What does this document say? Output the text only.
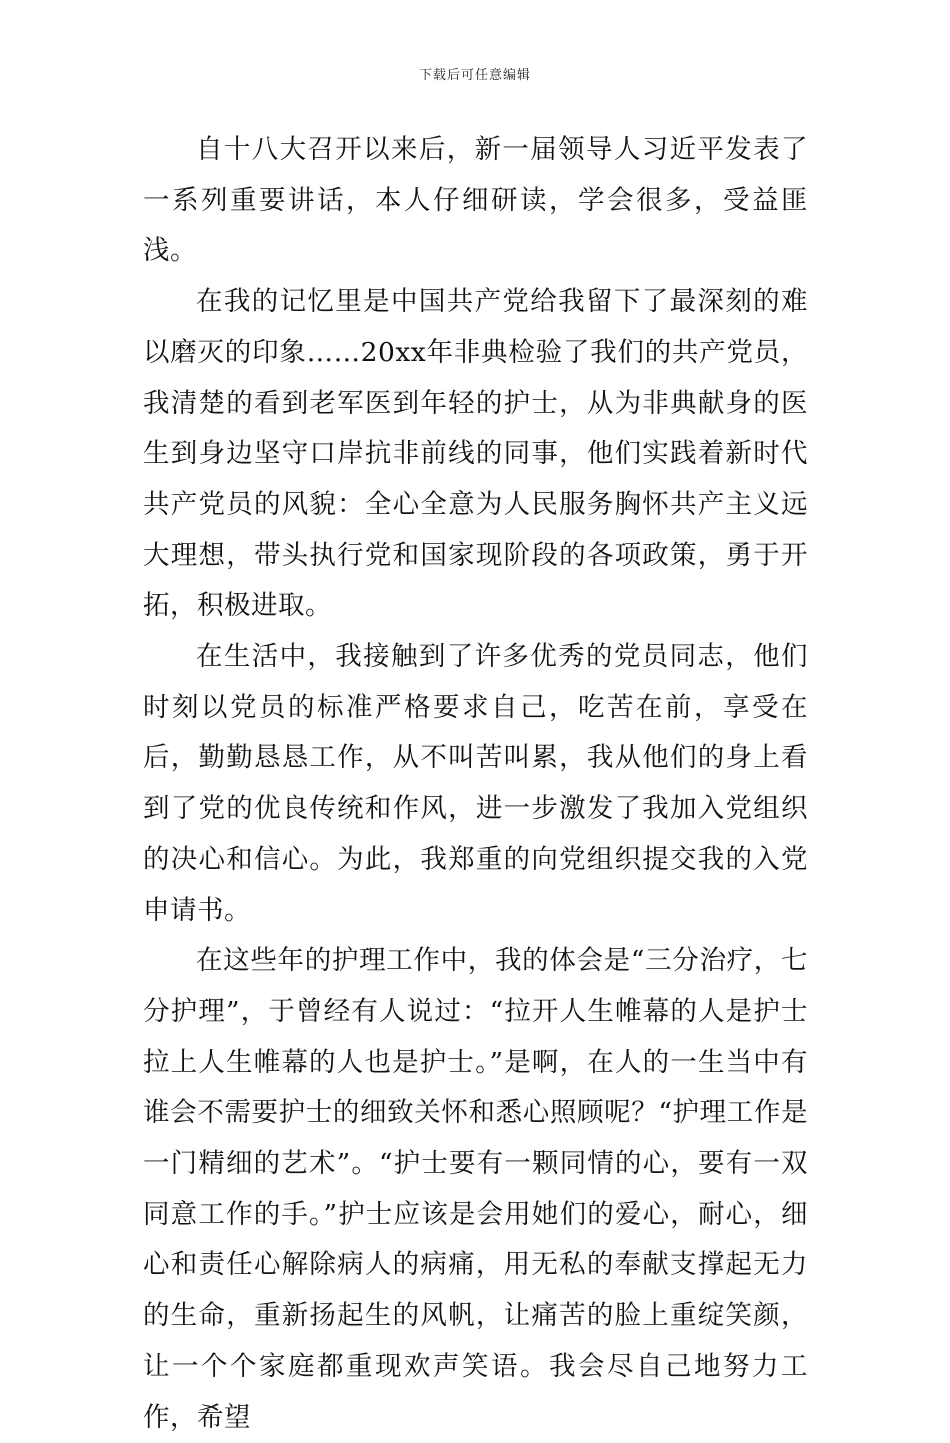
下载后可任意编辑

自十八大召开以来后，新一届领导人习近平发表了一系列重要讲话，本人仔细研读，学会很多，受益匪浅。

在我的记忆里是中国共产党给我留下了最深刻的难以磨灭的印象……20xx年非典检验了我们的共产党员，我清楚的看到老军医到年轻的护士，从为非典献身的医生到身边坚守口岸抗非前线的同事，他们实践着新时代共产党员的风貌：全心全意为人民服务胸怀共产主义远大理想，带头执行党和国家现阶段的各项政策，勇于开拓，积极进取。

在生活中，我接触到了许多优秀的党员同志，他们时刻以党员的标准严格要求自己，吃苦在前，享受在后，勤勤恳恳工作，从不叫苦叫累，我从他们的身上看到了党的优良传统和作风，进一步激发了我加入党组织的决心和信心。为此，我郑重的向党组织提交我的入党申请书。

在这些年的护理工作中，我的体会是“三分治疗，七分护理”，于曾经有人说过：“拉开人生帷幕的人是护士拉上人生帷幕的人也是护士。”是啊，在人的一生当中有谁会不需要护士的细致关怀和悉心照顾呢？“护理工作是一门精细的艺术”。“护士要有一颗同情的心，要有一双同意工作的手。”护士应该是会用她们的爱心，耐心，细心和责任心解除病人的病痛，用无私的奉献支撑起无力的生命，重新扬起生的风帆，让痛苦的脸上重绽笑颜，让一个个家庭都重现欢声笑语。我会尽自己地努力工作，希望
